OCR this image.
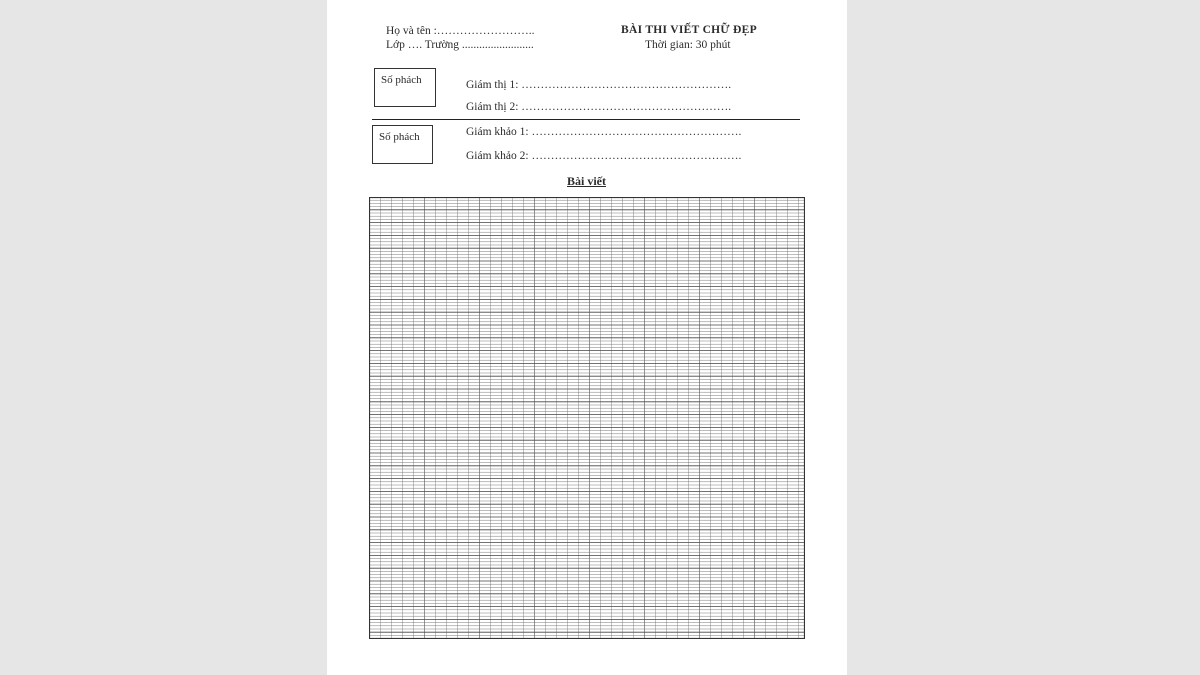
Họ và tên :……………………..
Lớp …. Trường .........................
BÀI THI VIẾT CHỮ ĐẸP
Thời gian: 30 phút
Số phách	Giám thị 1: ……………………………………………….
Giám thị 2: ……………………………………………….
Số phách	Giám khảo 1: ……………………………………………….
Giám khảo 2: ……………………………………………….
Bài viết
